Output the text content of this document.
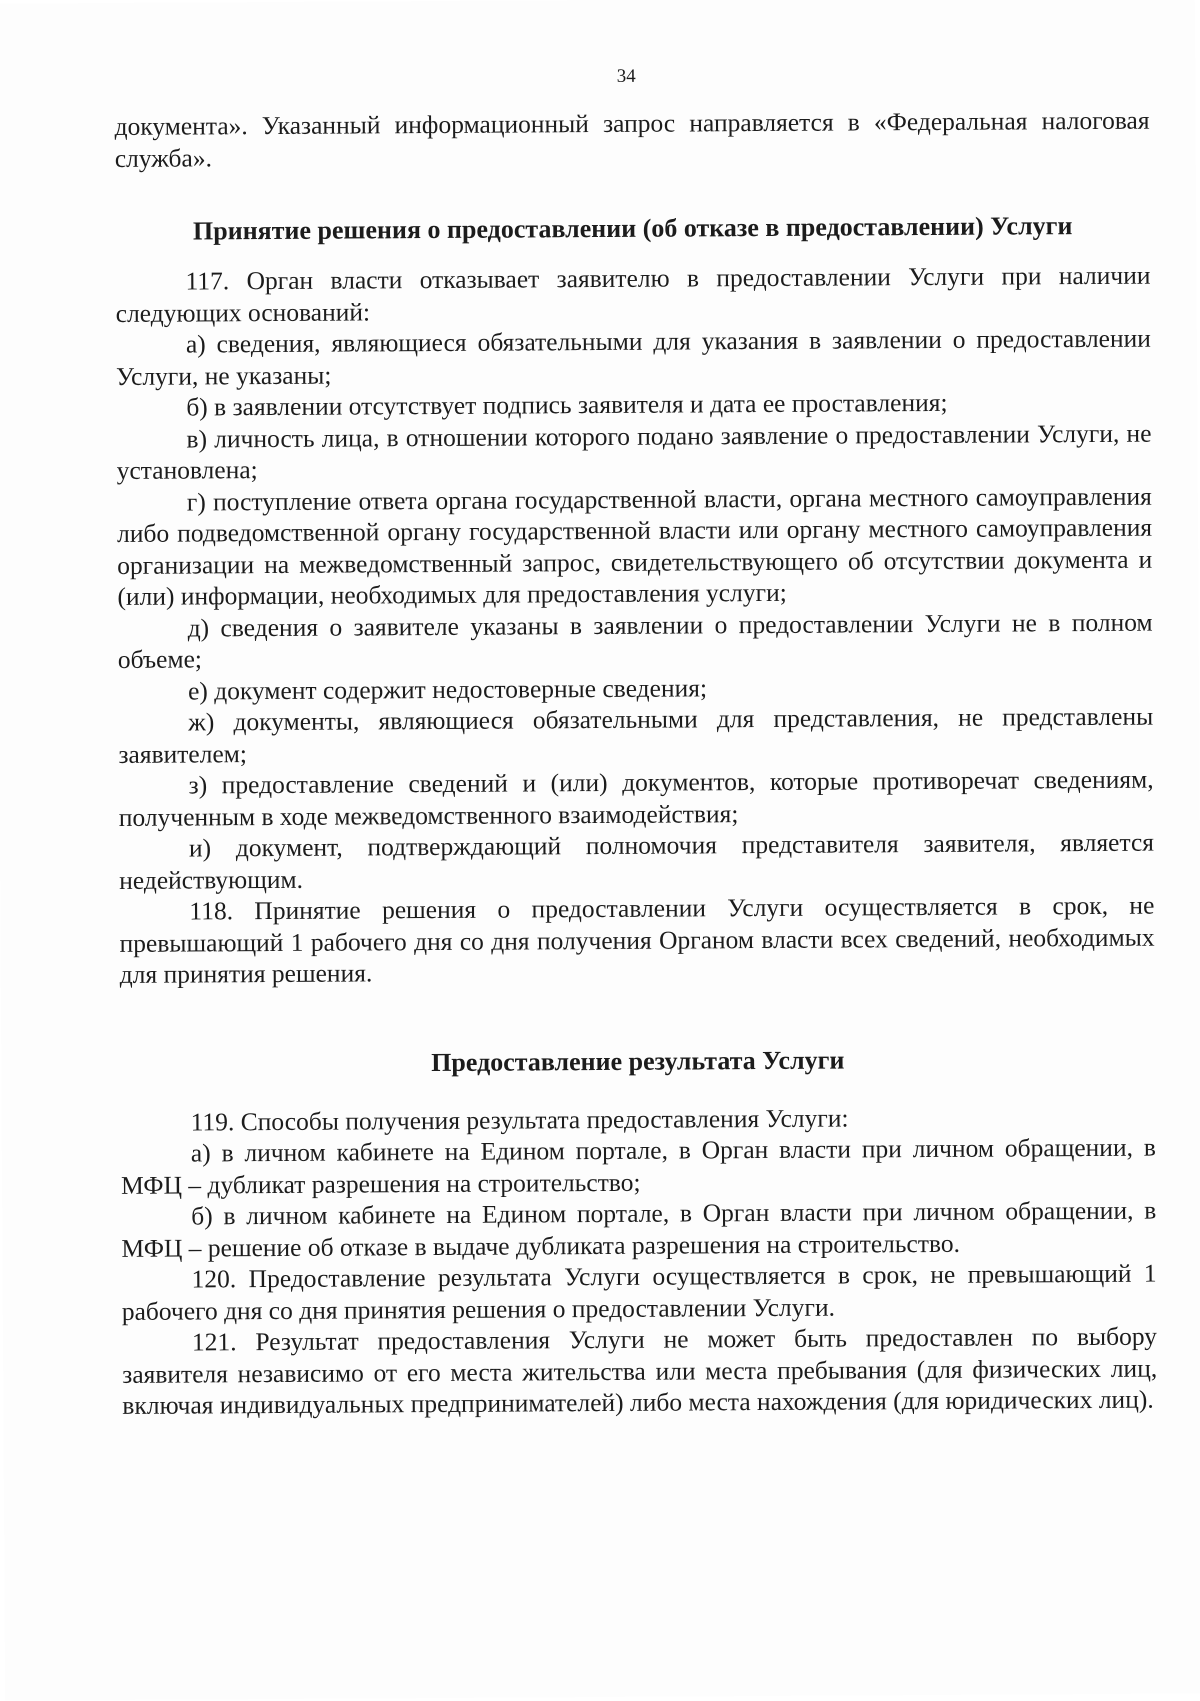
34

документа». Указанный информационный запрос направляется в «Федеральная налоговая служба».

Принятие решения о предоставлении (об отказе в предоставлении) Услуги

117. Орган власти отказывает заявителю в предоставлении Услуги при наличии следующих оснований:

а) сведения, являющиеся обязательными для указания в заявлении о предоставлении Услуги, не указаны;

б) в заявлении отсутствует подпись заявителя и дата ее проставления;

в) личность лица, в отношении которого подано заявление о предоставлении Услуги, не установлена;

г) поступление ответа органа государственной власти, органа местного самоуправления либо подведомственной органу государственной власти или органу местного самоуправления организации на межведомственный запрос, свидетельствующего об отсутствии документа и (или) информации, необходимых для предоставления услуги;

д) сведения о заявителе указаны в заявлении о предоставлении Услуги не в полном объеме;

е) документ содержит недостоверные сведения;

ж) документы, являющиеся обязательными для представления, не представлены заявителем;

з) предоставление сведений и (или) документов, которые противоречат сведениям, полученным в ходе межведомственного взаимодействия;

и) документ, подтверждающий полномочия представителя заявителя, является недействующим.

118. Принятие решения о предоставлении Услуги осуществляется в срок, не превышающий 1 рабочего дня со дня получения Органом власти всех сведений, необходимых для принятия решения.

Предоставление результата Услуги

119. Способы получения результата предоставления Услуги:

а) в личном кабинете на Едином портале, в Орган власти при личном обращении, в МФЦ – дубликат разрешения на строительство;

б) в личном кабинете на Едином портале, в Орган власти при личном обращении, в МФЦ – решение об отказе в выдаче дубликата разрешения на строительство.

120. Предоставление результата Услуги осуществляется в срок, не превышающий 1 рабочего дня со дня принятия решения о предоставлении Услуги.

121. Результат предоставления Услуги не может быть предоставлен по выбору заявителя независимо от его места жительства или места пребывания (для физических лиц, включая индивидуальных предпринимателей) либо места нахождения (для юридических лиц).
